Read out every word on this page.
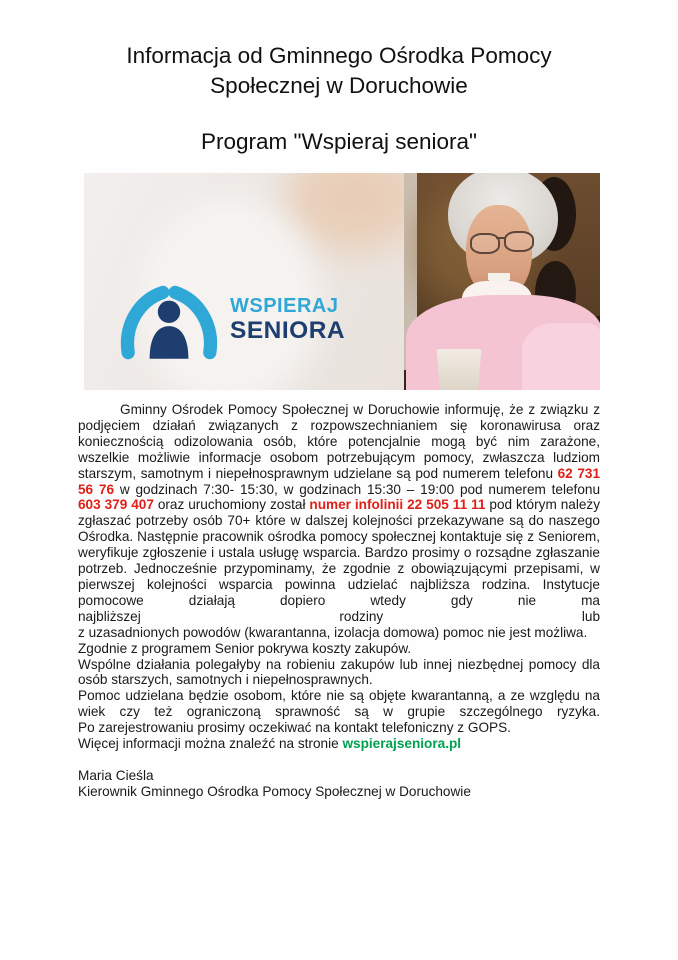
Informacja od Gminnego Ośrodka Pomocy Społecznej w Doruchowie
Program "Wspieraj seniora"
WSPIERAJ
SENIORA

Gminny Ośrodek Pomocy Społecznej w Doruchowie informuję, że z związku z podjęciem działań związanych z rozpowszechnianiem się koronawirusa oraz koniecznością odizolowania osób, które potencjalnie mogą być nim zarażone, wszelkie możliwie informacje osobom potrzebującym pomocy, zwłaszcza ludziom starszym, samotnym i niepełnosprawnym udzielane są pod numerem telefonu 62 731 56 76 w godzinach 7:30- 15:30, w godzinach 15:30 – 19:00 pod numerem telefonu 603 379 407 oraz uruchomiony został numer infolinii 22 505 11 11 pod którym należy zgłaszać potrzeby osób 70+ które w dalszej kolejności przekazywane są do naszego Ośrodka. Następnie pracownik ośrodka pomocy społecznej kontaktuje się z Seniorem, weryfikuje zgłoszenie i ustala usługę wsparcia. Bardzo prosimy o rozsądne zgłaszanie potrzeb. Jednocześnie przypominamy, że zgodnie z obowiązującymi przepisami, w pierwszej kolejności wsparcia powinna udzielać najbliższa rodzina. Instytucje pomocowe działają dopiero wtedy gdy nie ma

najbliższej	rodziny	lub

z uzasadnionych powodów (kwarantanna, izolacja domowa) pomoc nie jest możliwa.

Zgodnie z programem Senior pokrywa koszty zakupów.

Wspólne działania polegałyby na robieniu zakupów lub innej niezbędnej pomocy dla osób starszych, samotnych i niepełnosprawnych.

Pomoc udzielana będzie osobom, które nie są objęte kwarantanną, a ze względu na wiek czy też ograniczoną sprawność są w grupie szczególnego ryzyka.

Po zarejestrowaniu prosimy oczekiwać na kontakt telefoniczny z GOPS.

Więcej informacji można znaleźć na stronie wspierajseniora.pl

Maria Cieśla

Kierownik Gminnego Ośrodka Pomocy Społecznej w Doruchowie
